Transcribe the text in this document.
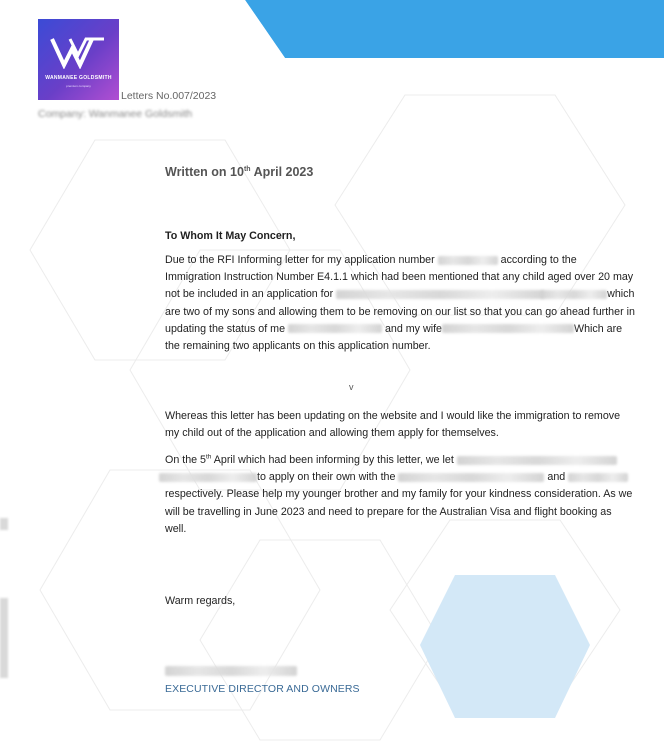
WANMANEE GOLDSMITH
premium company
Letters No.007/2023
Company: Wanmanee Goldsmith
Written on 10th April 2023
To Whom It May Concern,
Due to the RFI Informing letter for my application number	according to the Immigration Instruction Number E4.1.1 which had been mentioned that any child aged over 20 may not be included in an application for	which are two of my sons and allowing them to be removing on our list so that you can go ahead further in updating the status of me	and my wife	Which are the remaining two applicants on this application number.
v
Whereas this letter has been updating on the website and I would like the immigration to remove my child out of the application and allowing them apply for themselves.
On the 5th April which had been informing by this letter, we let  to apply on their own with the	and  respectively. Please help my younger brother and my family for your kindness consideration. As we will be travelling in June 2023 and need to prepare for the Australian Visa and flight booking as well.
Warm regards,
EXECUTIVE DIRECTOR AND OWNERS
